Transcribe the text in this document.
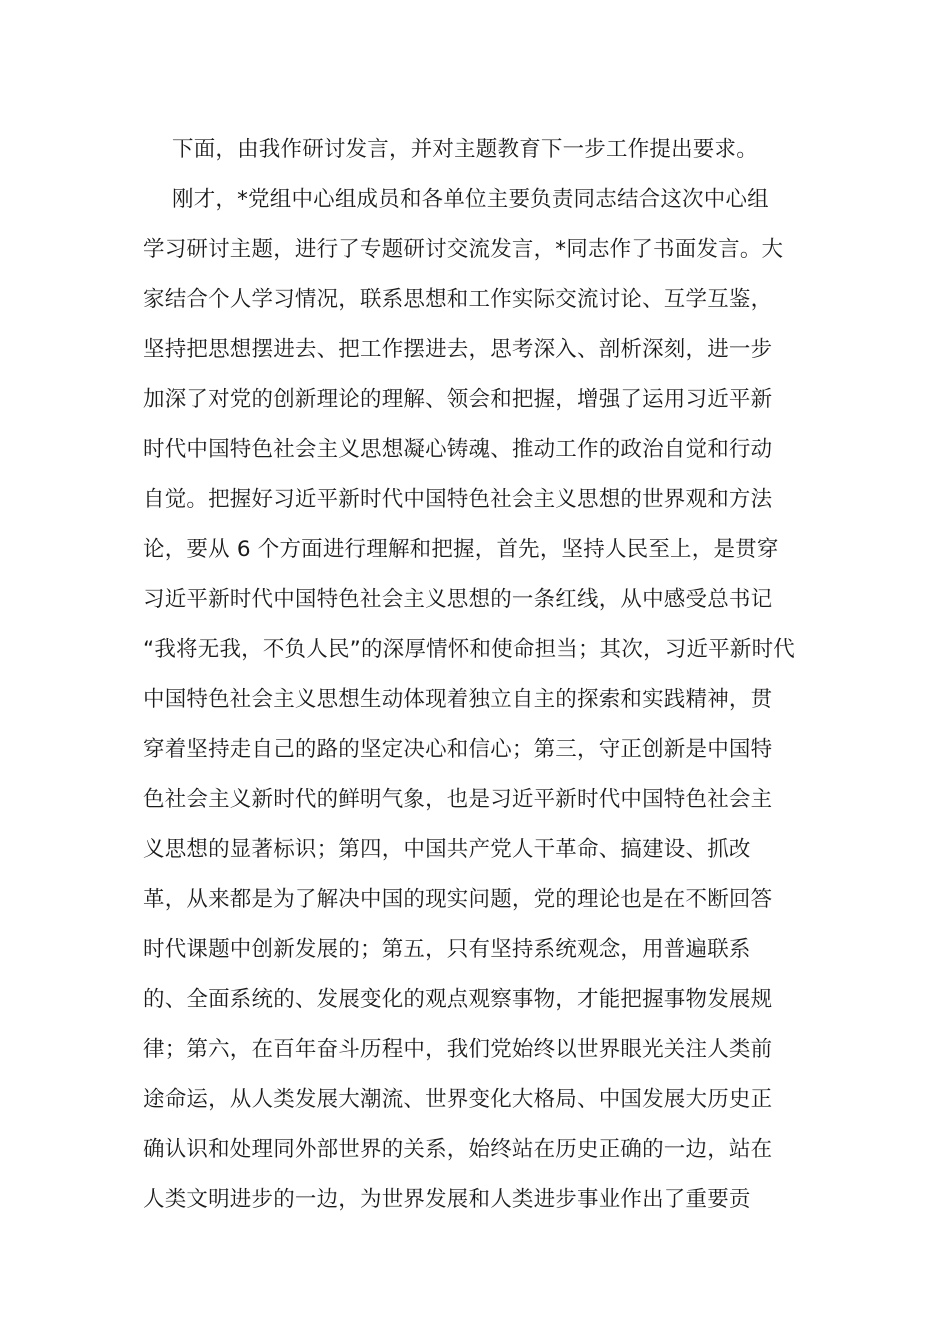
下面，由我作研讨发言，并对主题教育下一步工作提出要求。
刚才，*党组中心组成员和各单位主要负责同志结合这次中心组
学习研讨主题，进行了专题研讨交流发言，*同志作了书面发言。大
家结合个人学习情况，联系思想和工作实际交流讨论、互学互鉴，
坚持把思想摆进去、把工作摆进去，思考深入、剖析深刻，进一步
加深了对党的创新理论的理解、领会和把握，增强了运用习近平新
时代中国特色社会主义思想凝心铸魂、推动工作的政治自觉和行动
自觉。把握好习近平新时代中国特色社会主义思想的世界观和方法
论，要从 6 个方面进行理解和把握，首先，坚持人民至上，是贯穿
习近平新时代中国特色社会主义思想的一条红线，从中感受总书记
“我将无我，不负人民”的深厚情怀和使命担当；其次，习近平新时代
中国特色社会主义思想生动体现着独立自主的探索和实践精神，贯
穿着坚持走自己的路的坚定决心和信心；第三，守正创新是中国特
色社会主义新时代的鲜明气象，也是习近平新时代中国特色社会主
义思想的显著标识；第四，中国共产党人干革命、搞建设、抓改
革，从来都是为了解决中国的现实问题，党的理论也是在不断回答
时代课题中创新发展的；第五，只有坚持系统观念，用普遍联系
的、全面系统的、发展变化的观点观察事物，才能把握事物发展规
律；第六，在百年奋斗历程中，我们党始终以世界眼光关注人类前
途命运，从人类发展大潮流、世界变化大格局、中国发展大历史正
确认识和处理同外部世界的关系，始终站在历史正确的一边，站在
人类文明进步的一边，为世界发展和人类进步事业作出了重要贡
